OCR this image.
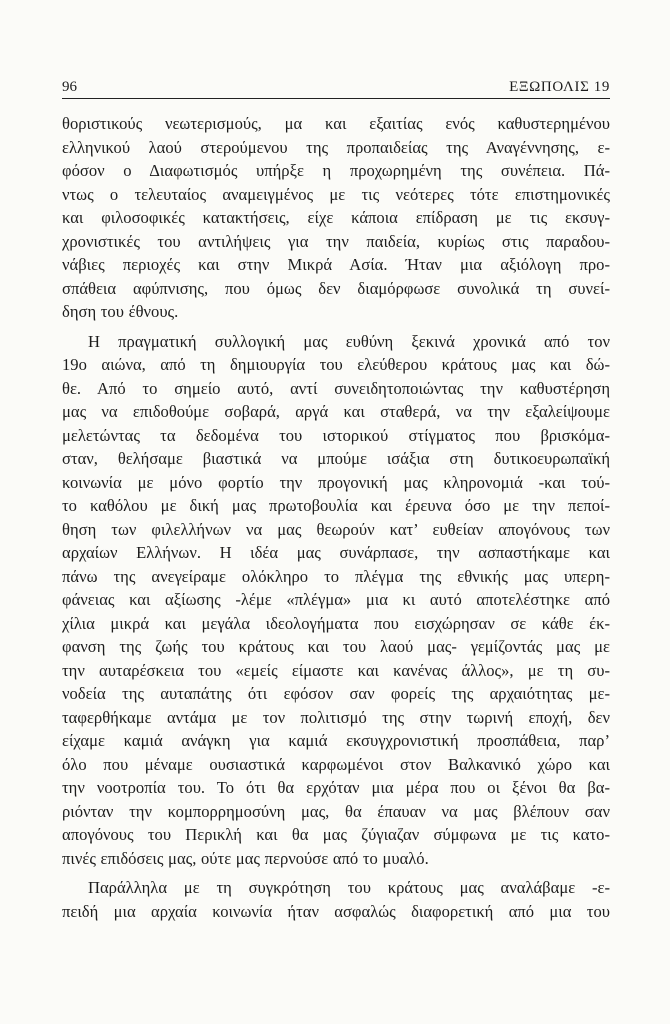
96	ΕΞΩΠΟΛΙΣ 19
θοριστικούς νεωτερισμούς, μα και εξαιτίας ενός καθυστερημένου
ελληνικού λαού στερούμενου της προπαιδείας της Αναγέννησης, ε-
φόσον ο Διαφωτισμός υπήρξε η προχωρημένη της συνέπεια. Πά-
ντως ο τελευταίος αναμειγμένος με τις νεότερες τότε επιστημονικές
και φιλοσοφικές κατακτήσεις, είχε κάποια επίδραση με τις εκσυγ-
χρονιστικές του αντιλήψεις για την παιδεία, κυρίως στις παραδου-
νάβιες περιοχές και στην Μικρά Ασία. Ήταν μια αξιόλογη προ-
σπάθεια αφύπνισης, που όμως δεν διαμόρφωσε συνολικά τη συνεί-
δηση του έθνους.
Η πραγματική συλλογική μας ευθύνη ξεκινά χρονικά από τον
19ο αιώνα, από τη δημιουργία του ελεύθερου κράτους μας και δώ-
θε. Από το σημείο αυτό, αντί συνειδητοποιώντας την καθυστέρηση
μας να επιδοθούμε σοβαρά, αργά και σταθερά, να την εξαλείψουμε
μελετώντας τα δεδομένα του ιστορικού στίγματος που βρισκόμα-
σταν, θελήσαμε βιαστικά να μπούμε ισάξια στη δυτικοευρωπαϊκή
κοινωνία με μόνο φορτίο την προγονική μας κληρονομιά -και τού-
το καθόλου με δική μας πρωτοβουλία και έρευνα όσο με την πεποί-
θηση των φιλελλήνων να μας θεωρούν κατ’ ευθείαν απογόνους των
αρχαίων Ελλήνων. Η ιδέα μας συνάρπασε, την ασπαστήκαμε και
πάνω της ανεγείραμε ολόκληρο το πλέγμα της εθνικής μας υπερη-
φάνειας και αξίωσης -λέμε «πλέγμα» μια κι αυτό αποτελέστηκε από
χίλια μικρά και μεγάλα ιδεολογήματα που εισχώρησαν σε κάθε έκ-
φανση της ζωής του κράτους και του λαού μας- γεμίζοντάς μας με
την αυταρέσκεια του «εμείς είμαστε και κανένας άλλος», με τη συ-
νοδεία της αυταπάτης ότι εφόσον σαν φορείς της αρχαιότητας με-
ταφερθήκαμε αντάμα με τον πολιτισμό της στην τωρινή εποχή, δεν
είχαμε καμιά ανάγκη για καμιά εκσυγχρονιστική προσπάθεια, παρ’
όλο που μέναμε ουσιαστικά καρφωμένοι στον Βαλκανικό χώρο και
την νοοτροπία του. Το ότι θα ερχόταν μια μέρα που οι ξένοι θα βα-
ριόνταν την κομπορρημοσύνη μας, θα έπαυαν να μας βλέπουν σαν
απογόνους του Περικλή και θα μας ζύγιαζαν σύμφωνα με τις κατο-
πινές επιδόσεις μας, ούτε μας περνούσε από το μυαλό.
Παράλληλα με τη συγκρότηση του κράτους μας αναλάβαμε -ε-
πειδή μια αρχαία κοινωνία ήταν ασφαλώς διαφορετική από μια του
